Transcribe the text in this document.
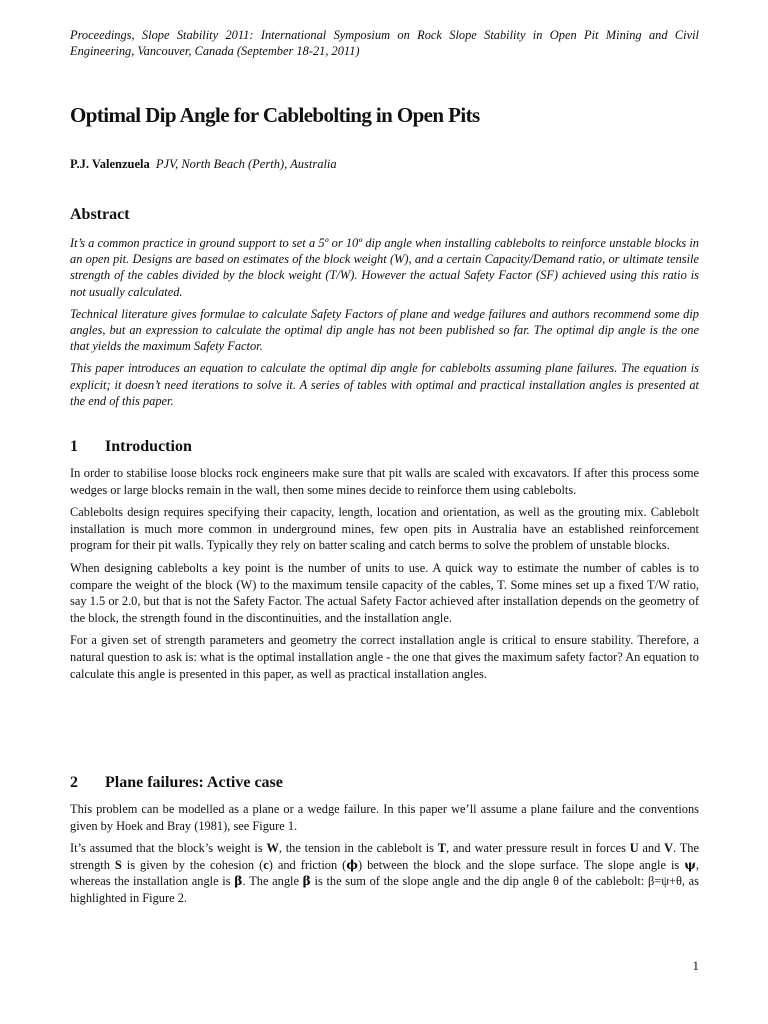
Proceedings, Slope Stability 2011: International Symposium on Rock Slope Stability in Open Pit Mining and Civil Engineering, Vancouver, Canada (September 18-21, 2011)

Optimal Dip Angle for Cablebolting in Open Pits
P.J. Valenzuela PJV, North Beach (Perth), Australia
Abstract

It’s a common practice in ground support to set a 5º or 10º dip angle when installing cablebolts to reinforce unstable blocks in an open pit. Designs are based on estimates of the block weight (W), and a certain Capacity/Demand ratio, or ultimate tensile strength of the cables divided by the block weight (T/W). However the actual Safety Factor (SF) achieved using this ratio is not usually calculated.

Technical literature gives formulae to calculate Safety Factors of plane and wedge failures and authors recommend some dip angles, but an expression to calculate the optimal dip angle has not been published so far. The optimal dip angle is the one that yields the maximum Safety Factor.

This paper introduces an equation to calculate the optimal dip angle for cablebolts assuming plane failures. The equation is explicit; it doesn’t need iterations to solve it. A series of tables with optimal and practical installation angles is presented at the end of this paper.

1 Introduction

In order to stabilise loose blocks rock engineers make sure that pit walls are scaled with excavators. If after this process some wedges or large blocks remain in the wall, then some mines decide to reinforce them using cablebolts.

Cablebolts design requires specifying their capacity, length, location and orientation, as well as the grouting mix. Cablebolt installation is much more common in underground mines, few open pits in Australia have an established reinforcement program for their pit walls. Typically they rely on batter scaling and catch berms to solve the problem of unstable blocks.

When designing cablebolts a key point is the number of units to use. A quick way to estimate the number of cables is to compare the weight of the block (W) to the maximum tensile capacity of the cables, T. Some mines set up a fixed T/W ratio, say 1.5 or 2.0, but that is not the Safety Factor. The actual Safety Factor achieved after installation depends on the geometry of the block, the strength found in the discontinuities, and the installation angle.

For a given set of strength parameters and geometry the correct installation angle is critical to ensure stability. Therefore, a natural question to ask is: what is the optimal installation angle - the one that gives the maximum safety factor? An equation to calculate this angle is presented in this paper, as well as practical installation angles.

2 Plane failures: Active case

This problem can be modelled as a plane or a wedge failure. In this paper we’ll assume a plane failure and the conventions given by Hoek and Bray (1981), see Figure 1.

It’s assumed that the block’s weight is W, the tension in the cablebolt is T, and water pressure result in forces U and V. The strength S is given by the cohesion (c) and friction (ϕ) between the block and the slope surface. The slope angle is ψ, whereas the installation angle is β. The angle β is the sum of the slope angle and the dip angle θ of the cablebolt: β=ψ+θ, as highlighted in Figure 2.

1
